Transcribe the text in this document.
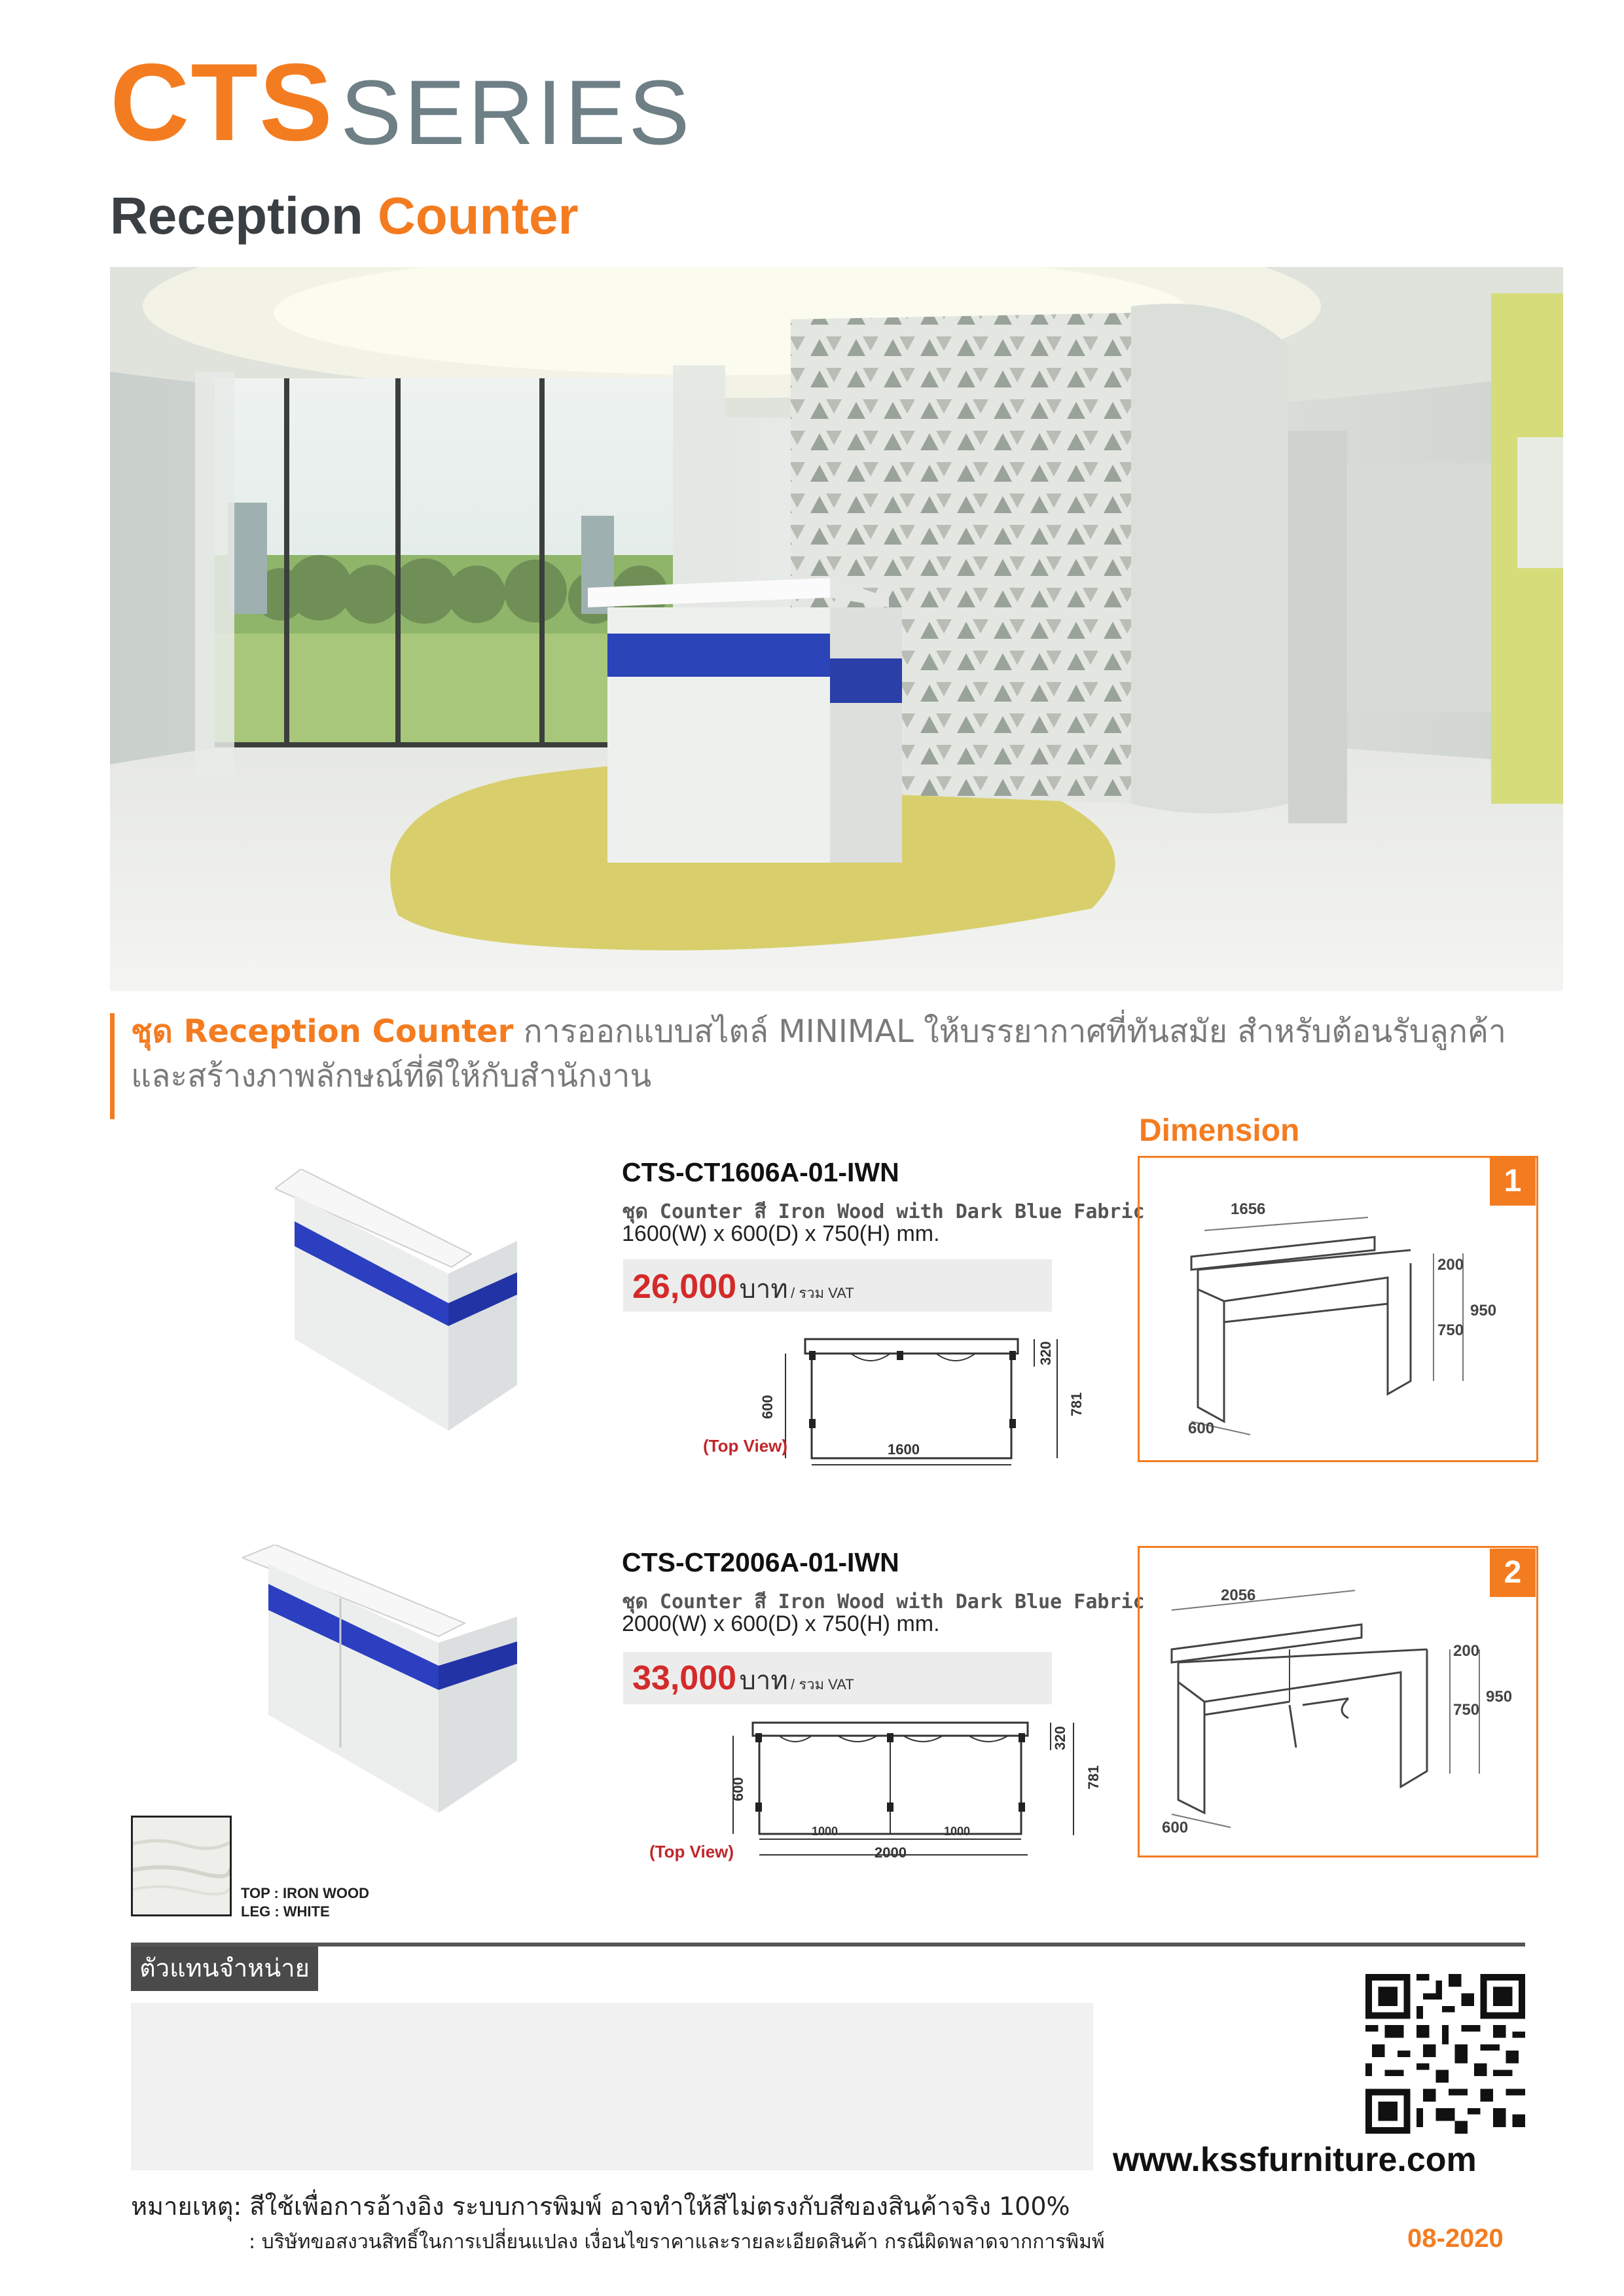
CTS SERIES
Reception Counter
ชุด Reception Counter การออกแบบสไตล์ MINIMAL ให้บรรยากาศที่ทันสมัย สำหรับต้อนรับลูกค้า
และสร้างภาพลักษณ์ที่ดีให้กับสำนักงาน
Dimension
CTS-CT1606A-01-IWN
ชุด Counter สี Iron Wood with Dark Blue Fabric
1600(W) x 600(D) x 750(H) mm.
26,000 บาท / รวม VAT
600
320
781
1600
(Top View)
1
1656
200
750
950
600
CTS-CT2006A-01-IWN
ชุด Counter สี Iron Wood with Dark Blue Fabric
2000(W) x 600(D) x 750(H) mm.
33,000 บาท / รวม VAT
600
320
781
1000	1000
2000
(Top View)
2
2056
200
750
950
600
TOP : IRON WOOD
LEG : WHITE
ตัวแทนจำหน่าย
www.kssfurniture.com
หมายเหตุ: สีใช้เพื่อการอ้างอิง ระบบการพิมพ์ อาจทำให้สีไม่ตรงกับสีของสินค้าจริง 100%
: บริษัทขอสงวนสิทธิ์ในการเปลี่ยนแปลง เงื่อนไขราคาและรายละเอียดสินค้า กรณีผิดพลาดจากการพิมพ์	08-2020
